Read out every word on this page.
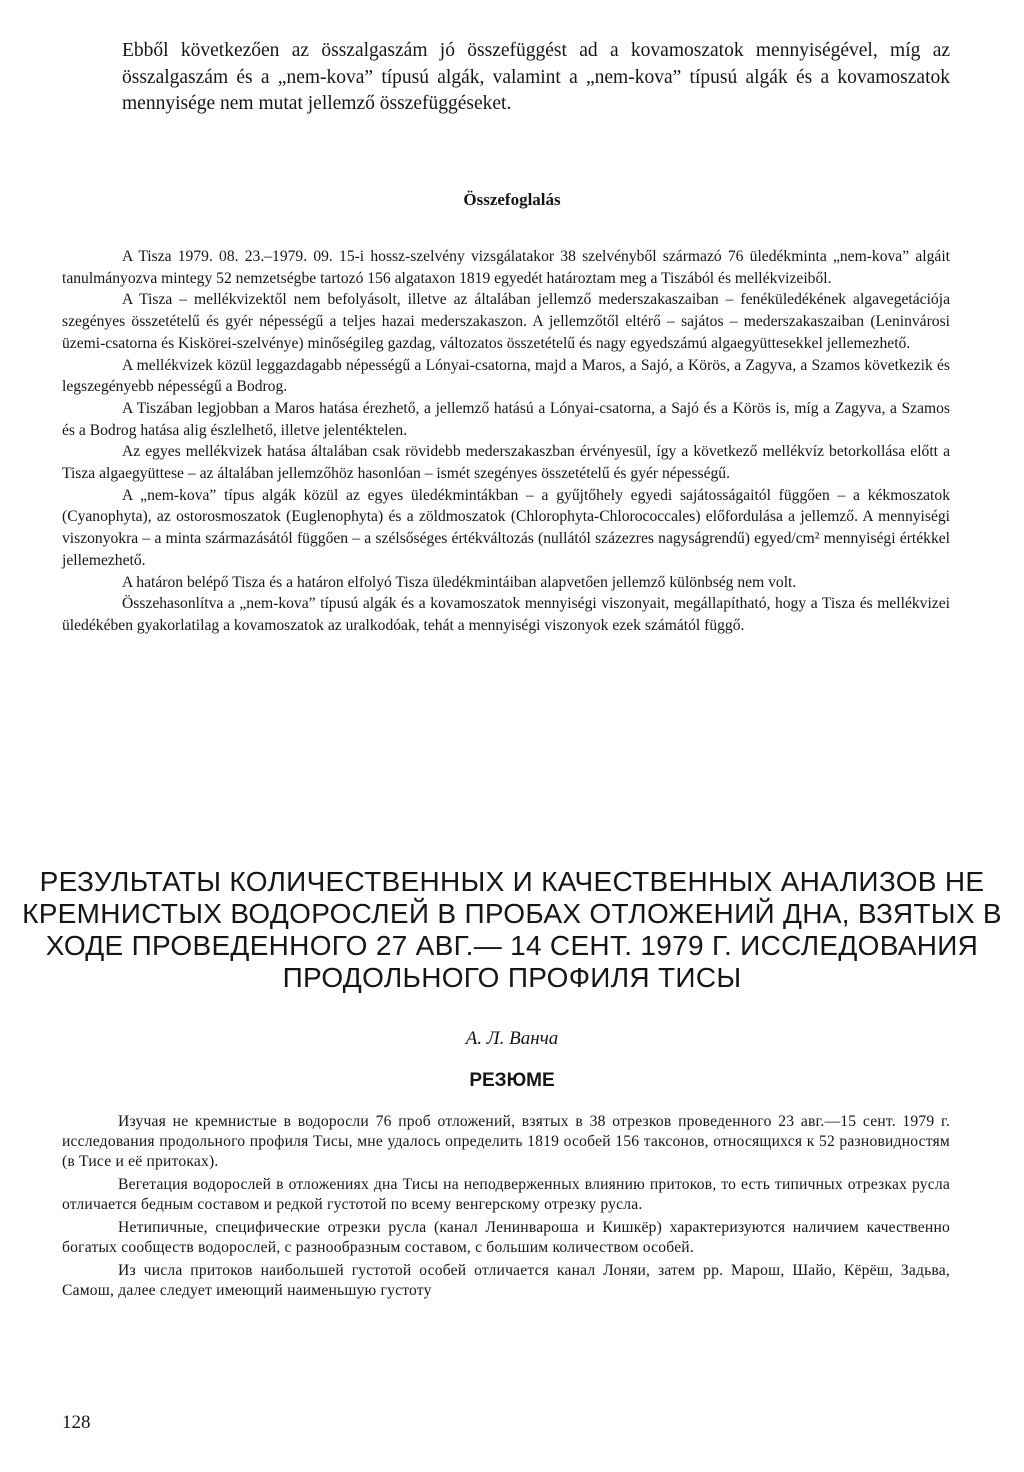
Ebből következően az összalgaszám jó összefüggést ad a kovamoszatok mennyiségével, míg az összalgaszám és a „nem-kova” típusú algák, valamint a „nem-kova” típusú algák és a kovamoszatok mennyisége nem mutat jellemző összefüggéseket.

Összefoglalás

A Tisza 1979. 08. 23.–1979. 09. 15-i hossz-szelvény vizsgálatakor 38 szelvényből származó 76 üledékminta „nem-kova” algáit tanulmányozva mintegy 52 nemzetségbe tartozó 156 algataxon 1819 egyedét határoztam meg a Tiszából és mellékvizeiből.

A Tisza – mellékvizektől nem befolyásolt, illetve az általában jellemző mederszakaszaiban – fenéküledékének algavegetációja szegényes összetételű és gyér népességű a teljes hazai mederszakaszon. A jellemzőtől eltérő – sajátos – mederszakaszaiban (Leninvárosi üzemi-csatorna és Kiskörei-szelvénye) minőségileg gazdag, változatos összetételű és nagy egyedszámú algaegyüttesekkel jellemezhető.

A mellékvizek közül leggazdagabb népességű a Lónyai-csatorna, majd a Maros, a Sajó, a Körös, a Zagyva, a Szamos következik és legszegényebb népességű a Bodrog.

A Tiszában legjobban a Maros hatása érezhető, a jellemző hatású a Lónyai-csatorna, a Sajó és a Körös is, míg a Zagyva, a Szamos és a Bodrog hatása alig észlelhető, illetve jelentéktelen.

Az egyes mellékvizek hatása általában csak rövidebb mederszakaszban érvényesül, így a következő mellékvíz betorkollása előtt a Tisza algaegyüttese – az általában jellemzőhöz hasonlóan – ismét szegényes összetételű és gyér népességű.

A „nem-kova” típus algák közül az egyes üledékmintákban – a gyűjtőhely egyedi sajátosságaitól függően – a kékmoszatok (Cyanophyta), az ostorosmoszatok (Euglenophyta) és a zöldmoszatok (Chlorophyta-Chlorococcales) előfordulása a jellemző. A mennyiségi viszonyokra – a minta származásától függően – a szélsőséges értékváltozás (nullától százezres nagyságrendű) egyed/cm² mennyiségi értékkel jellemezhető.

A határon belépő Tisza és a határon elfolyó Tisza üledékmintáiban alapvetően jellemző különbség nem volt.

Összehasonlítva a „nem-kova” típusú algák és a kovamoszatok mennyiségi viszonyait, megállapítható, hogy a Tisza és mellékvizei üledékében gyakorlatilag a kovamoszatok az uralkodóak, tehát a mennyiségi viszonyok ezek számától függő.

РЕЗУЛЬТАТЫ КОЛИЧЕСТВЕННЫХ И КАЧЕСТВЕННЫХ АНАЛИЗОВ НЕ КРЕМНИСТЫХ ВОДОРОСЛЕЙ В ПРОБАХ ОТЛОЖЕНИЙ ДНА, ВЗЯТЫХ В ХОДЕ ПРОВЕДЕННОГО 27 АВГ.— 14 СЕНТ. 1979 Г. ИССЛЕДОВАНИЯ ПРОДОЛЬНОГО ПРОФИЛЯ ТИСЫ

А. Л. Ванча

РЕЗЮМЕ

Изучая не кремнистые в водоросли 76 проб отложений, взятых в 38 отрезков проведенного 23 авг.—15 сент. 1979 г. исследования продольного профиля Тисы, мне удалось определить 1819 особей 156 таксонов, относящихся к 52 разновидностям (в Тисе и её притоках).

Вегетация водорослей в отложениях дна Тисы на неподверженных влиянию притоков, то есть типичных отрезках русла отличается бедным составом и редкой густотой по всему венгерскому отрезку русла.

Нетипичные, специфические отрезки русла (канал Ленинвароша и Кишкёр) характеризуются наличием качественно богатых сообществ водорослей, с разнообразным составом, с большим количеством особей.

Из числа притоков наибольшей густотой особей отличается канал Лоняи, затем рр. Марош, Шайо, Кёрёш, Задьва, Самош, далее следует имеющий наименьшую густоту

128
